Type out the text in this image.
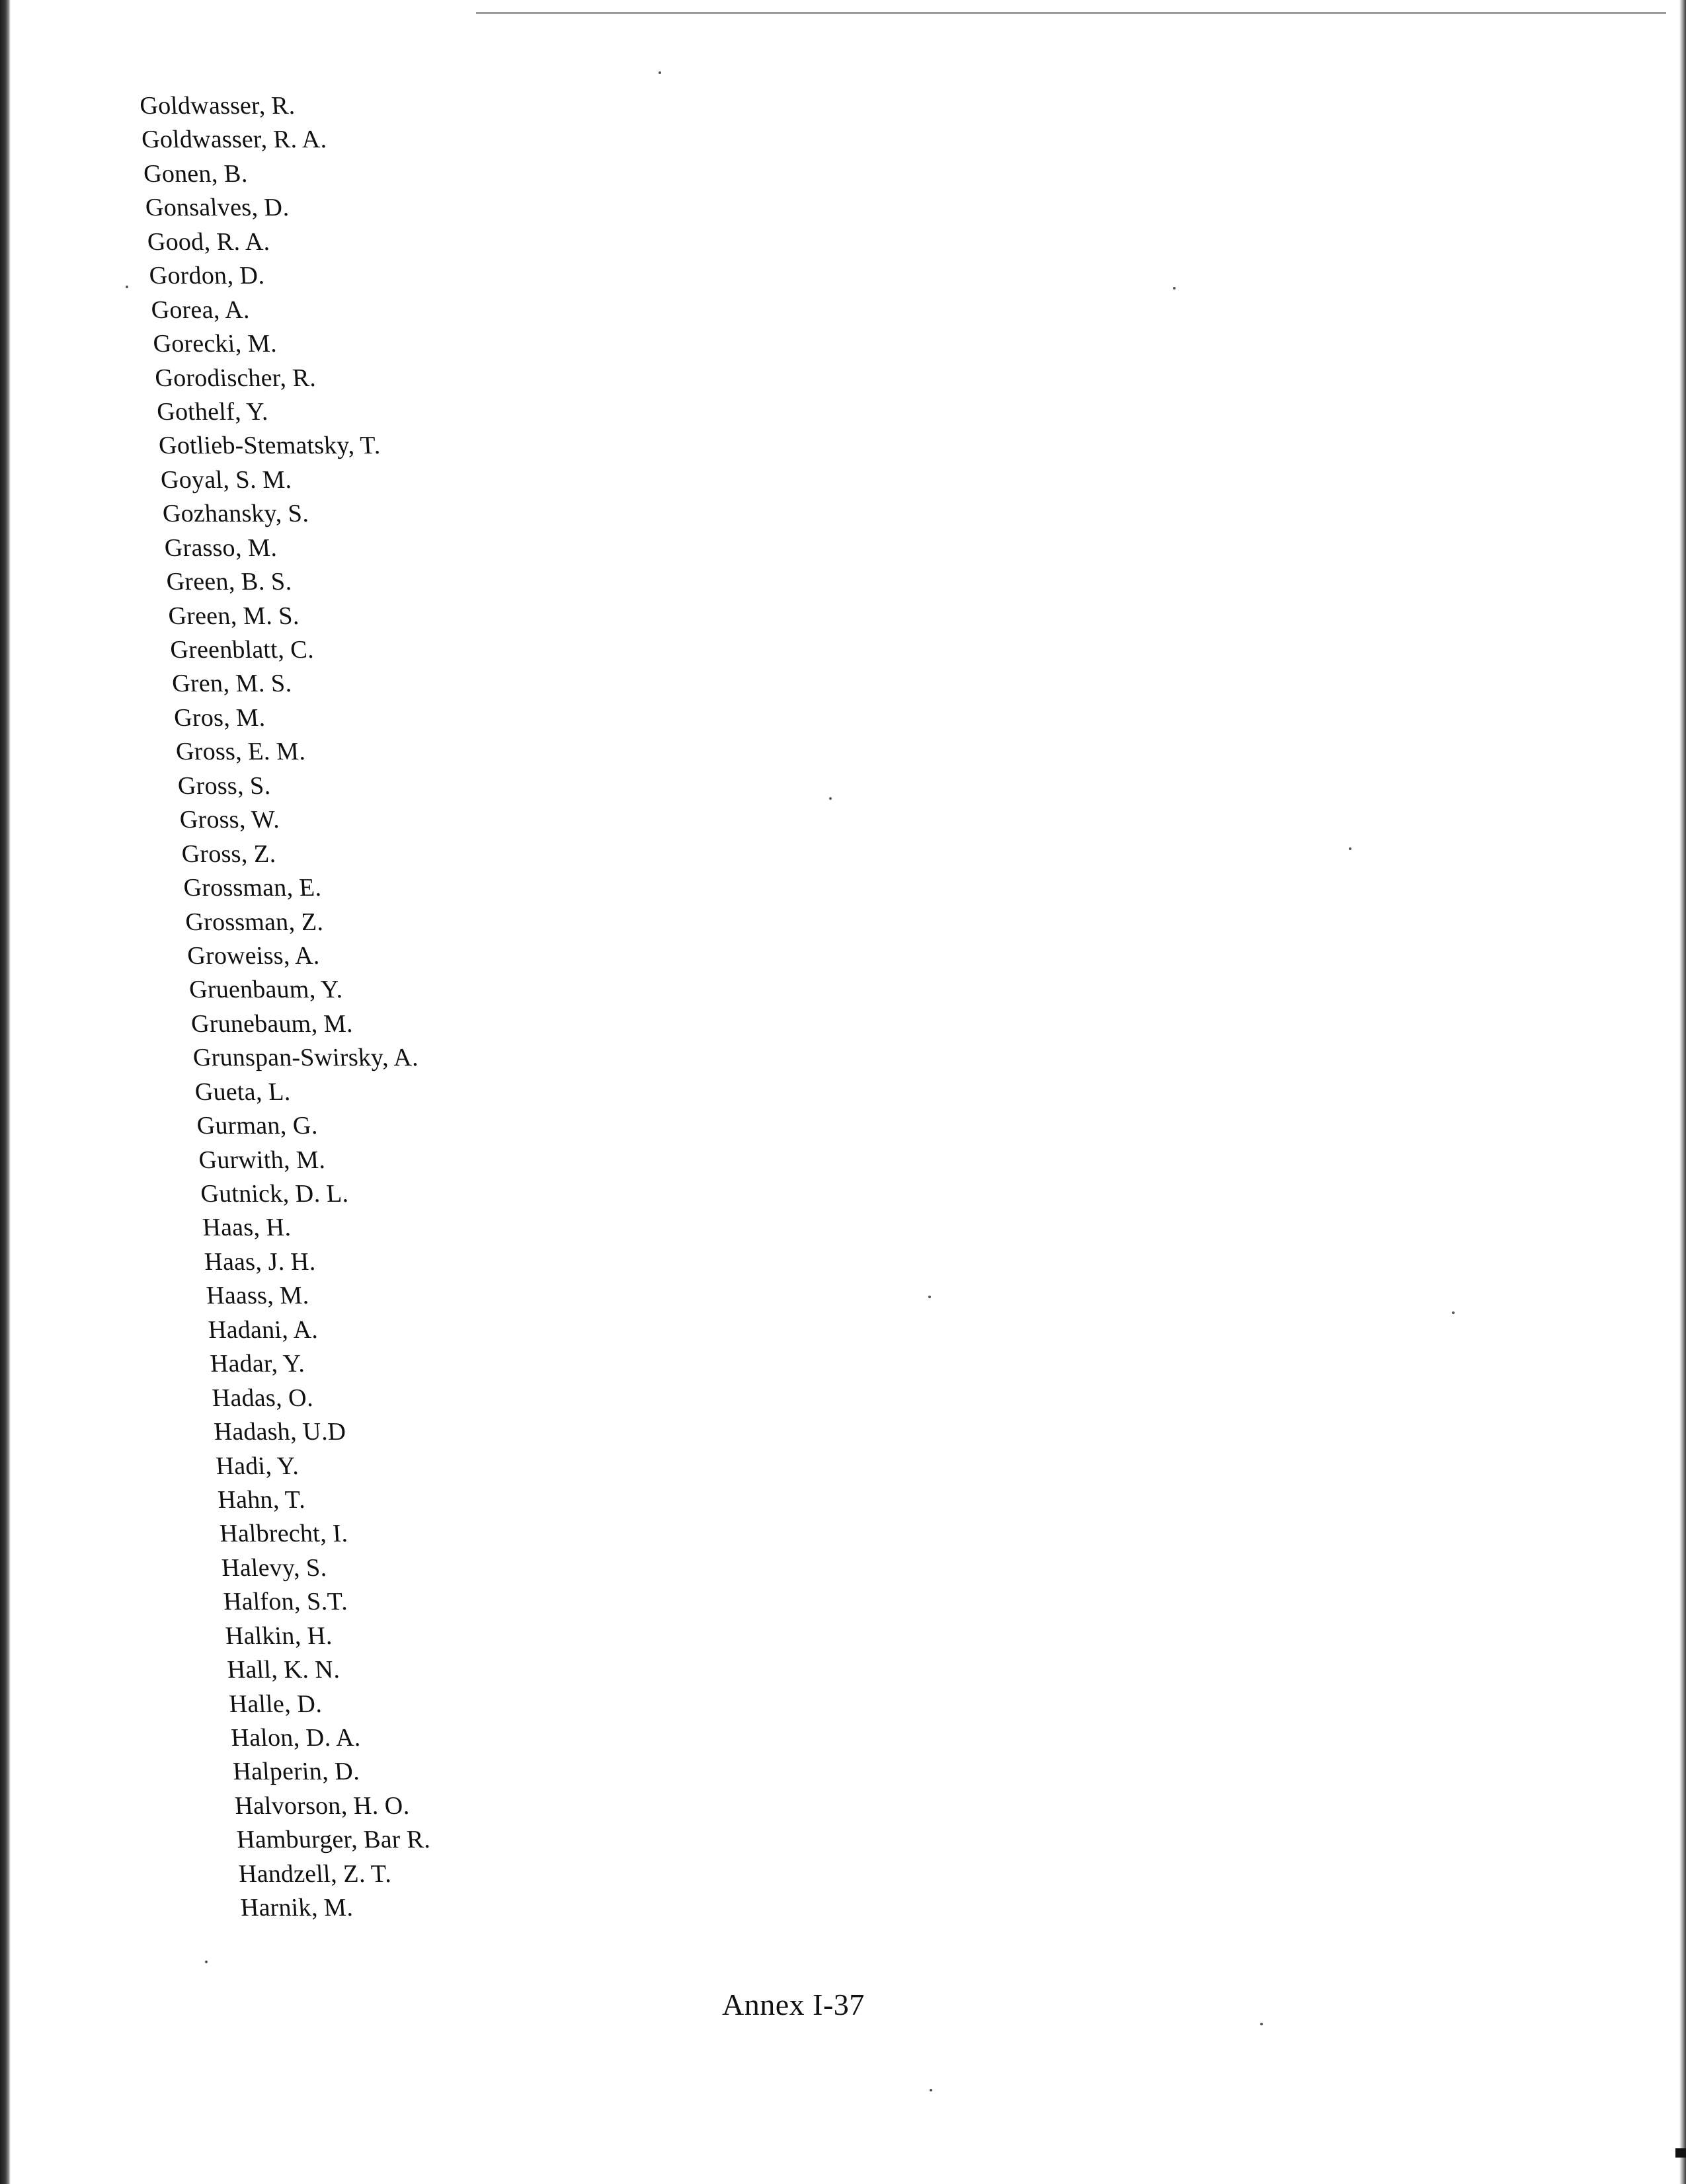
Goldwasser, R.
Goldwasser, R. A.
Gonen, B.
Gonsalves, D.
Good, R. A.
Gordon, D.
Gorea, A.
Gorecki, M.
Gorodischer, R.
Gothelf, Y.
Gotlieb-Stematsky, T.
Goyal, S. M.
Gozhansky, S.
Grasso, M.
Green, B. S.
Green, M. S.
Greenblatt, C.
Gren, M. S.
Gros, M.
Gross, E. M.
Gross, S.
Gross, W.
Gross, Z.
Grossman, E.
Grossman, Z.
Groweiss, A.
Gruenbaum, Y.
Grunebaum, M.
Grunspan-Swirsky, A.
Gueta, L.
Gurman, G.
Gurwith, M.
Gutnick, D. L.
Haas, H.
Haas, J. H.
Haass, M.
Hadani, A.
Hadar, Y.
Hadas, O.
Hadash, U.D
Hadi, Y.
Hahn, T.
Halbrecht, I.
Halevy, S.
Halfon, S.T.
Halkin, H.
Hall, K. N.
Halle, D.
Halon, D. A.
Halperin, D.
Halvorson, H. O.
Hamburger, Bar R.
Handzell, Z. T.
Harnik, M.
Annex I-37
